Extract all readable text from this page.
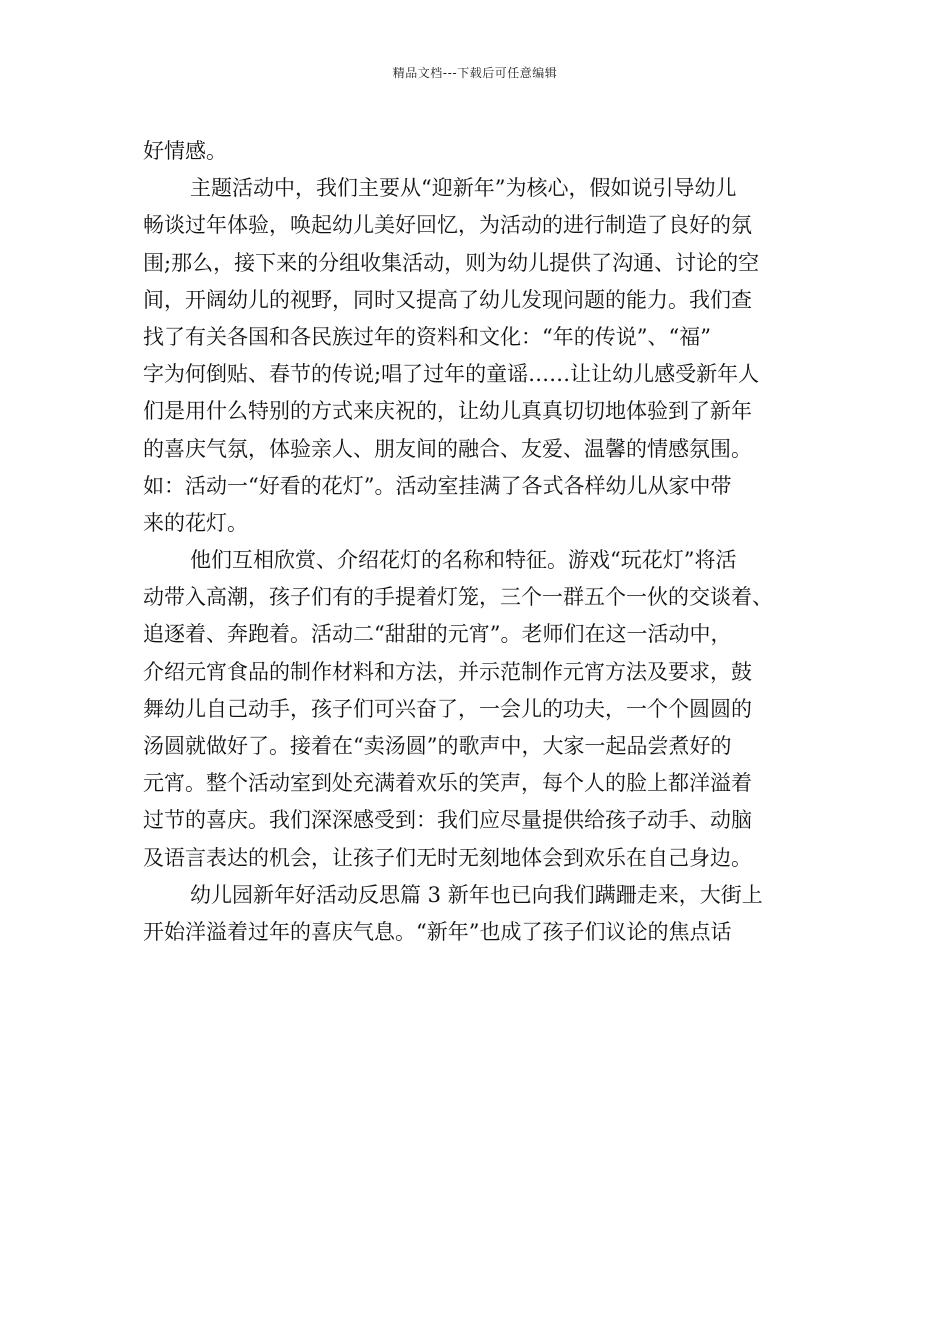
精品文档---下载后可任意编辑
好情感。
主题活动中，我们主要从“迎新年”为核心，假如说引导幼儿
畅谈过年体验，唤起幼儿美好回忆，为活动的进行制造了良好的氛
围;那么，接下来的分组收集活动，则为幼儿提供了沟通、讨论的空
间，开阔幼儿的视野，同时又提高了幼儿发现问题的能力。我们查
找了有关各国和各民族过年的资料和文化：“年的传说”、“福”
字为何倒贴、春节的传说;唱了过年的童谣……让让幼儿感受新年人
们是用什么特别的方式来庆祝的，让幼儿真真切切地体验到了新年
的喜庆气氛，体验亲人、朋友间的融合、友爱、温馨的情感氛围。
如：活动一“好看的花灯”。活动室挂满了各式各样幼儿从家中带
来的花灯。
他们互相欣赏、介绍花灯的名称和特征。游戏“玩花灯”将活
动带入高潮，孩子们有的手提着灯笼，三个一群五个一伙的交谈着、
追逐着、奔跑着。活动二“甜甜的元宵”。老师们在这一活动中，
介绍元宵食品的制作材料和方法，并示范制作元宵方法及要求，鼓
舞幼儿自己动手，孩子们可兴奋了，一会儿的功夫，一个个圆圆的
汤圆就做好了。接着在“卖汤圆”的歌声中，大家一起品尝煮好的
元宵。整个活动室到处充满着欢乐的笑声，每个人的脸上都洋溢着
过节的喜庆。我们深深感受到：我们应尽量提供给孩子动手、动脑
及语言表达的机会，让孩子们无时无刻地体会到欢乐在自己身边。
幼儿园新年好活动反思篇 3 新年也已向我们蹒跚走来，大街上
开始洋溢着过年的喜庆气息。“新年”也成了孩子们议论的焦点话
